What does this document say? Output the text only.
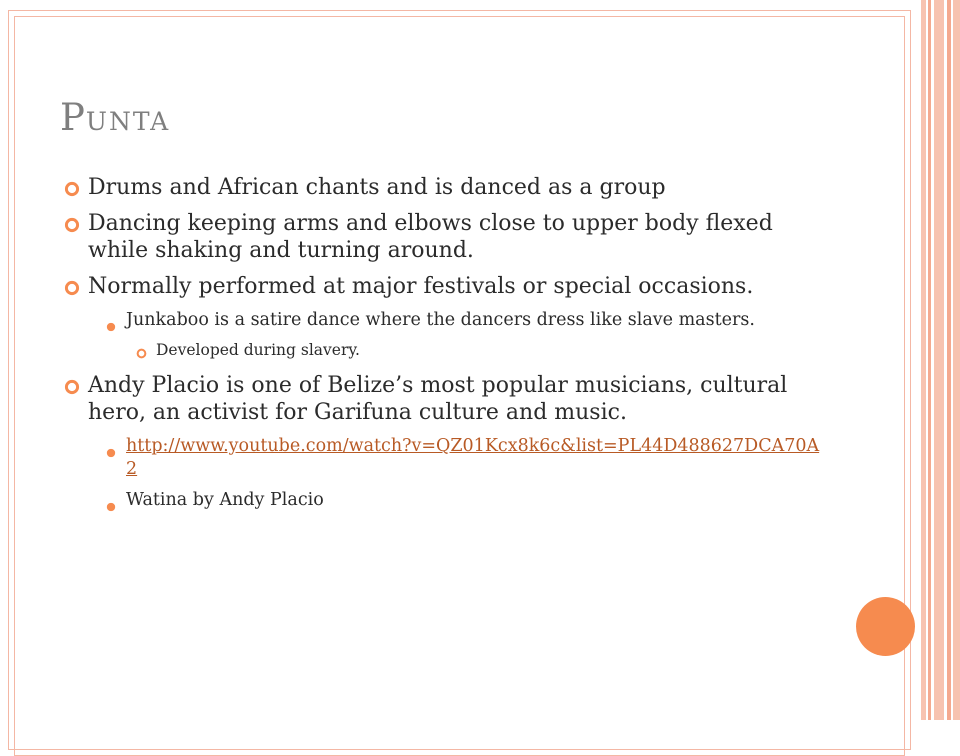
PUNTA
Drums and African chants and is danced as a group
Dancing keeping arms and elbows close to upper body flexed while shaking and turning around.
Normally performed at major festivals or special occasions.
Junkaboo is a satire dance where the dancers dress like slave masters.
Developed during slavery.
Andy Placio is one of Belize’s most popular musicians, cultural hero, an activist for Garifuna culture and music.
http://www.youtube.com/watch?v=QZ01Kcx8k6c&list=PL44D488627DCA70A2
Watina by Andy Placio
